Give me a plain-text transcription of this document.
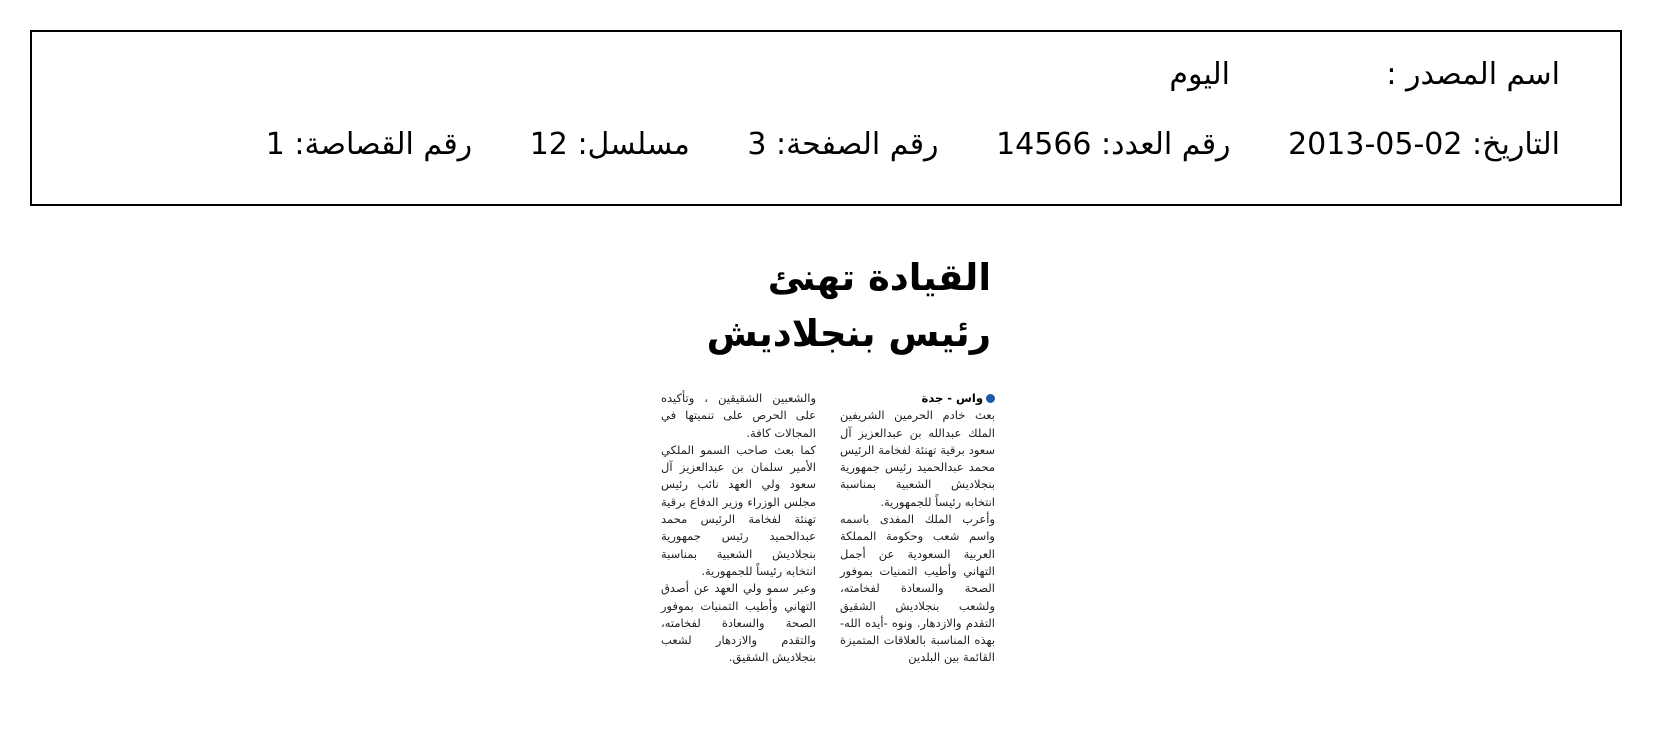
اسم المصدر :
اليوم
التاريخ: 02-05-2013 رقم العدد: 14566 رقم الصفحة: 3 مسلسل: 12 رقم القصاصة: 1
القيادة تهنئ
رئيس بنجلاديش
واس - جدة
بعث خادم الحرمين الشريفين الملك عبدالله بن عبدالعزيز آل سعود برقية تهنئة لفخامة الرئيس محمد عبدالحميد رئيس جمهورية بنجلاديش الشعبية بمناسبة انتخابه رئيساً للجمهورية.
وأعرب الملك المفدى باسمه واسم شعب وحكومة المملكة العربية السعودية عن أجمل التهاني وأطيب التمنيات بموفور الصحة والسعادة لفخامته، ولشعب بنجلاديش الشقيق التقدم والازدهار. ونوه -أيده الله- بهذه المناسبة بالعلاقات المتميزة القائمة بين البلدين
والشعبين الشقيقين ، وتأكيده على الحرص على تنميتها في المجالات كافة.
كما بعث صاحب السمو الملكي الأمير سلمان بن عبدالعزيز آل سعود ولي العهد نائب رئيس مجلس الوزراء وزير الدفاع برقية تهنئة لفخامة الرئيس محمد عبدالحميد رئيس جمهورية بنجلاديش الشعبية بمناسبة انتخابه رئيساً للجمهورية.
وعبر سمو ولي العهد عن أصدق التهاني وأطيب التمنيات بموفور الصحة والسعادة لفخامته، والتقدم والازدهار لشعب بنجلاديش الشقيق.
